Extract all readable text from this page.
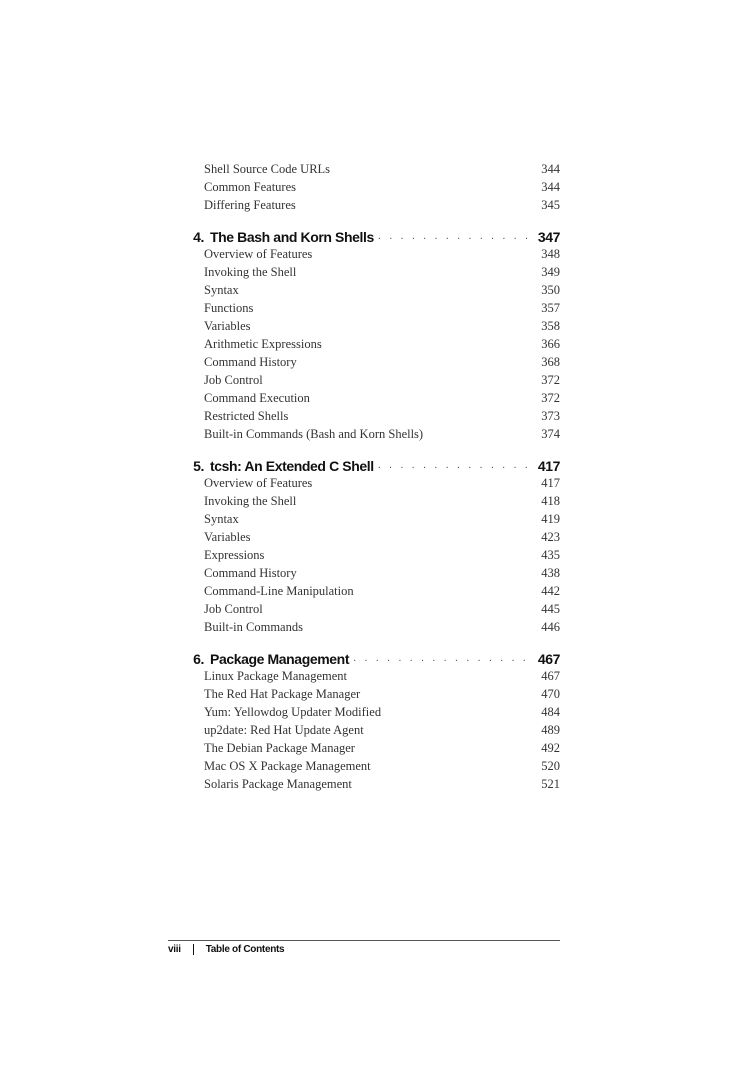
Shell Source Code URLs	344
Common Features	344
Differing Features	345
4. The Bash and Korn Shells . . .	347
Overview of Features	348
Invoking the Shell	349
Syntax	350
Functions	357
Variables	358
Arithmetic Expressions	366
Command History	368
Job Control	372
Command Execution	372
Restricted Shells	373
Built-in Commands (Bash and Korn Shells)	374
5. tcsh: An Extended C Shell . . .	417
Overview of Features	417
Invoking the Shell	418
Syntax	419
Variables	423
Expressions	435
Command History	438
Command-Line Manipulation	442
Job Control	445
Built-in Commands	446
6. Package Management . . .	467
Linux Package Management	467
The Red Hat Package Manager	470
Yum: Yellowdog Updater Modified	484
up2date: Red Hat Update Agent	489
The Debian Package Manager	492
Mac OS X Package Management	520
Solaris Package Management	521
viii	Table of Contents
